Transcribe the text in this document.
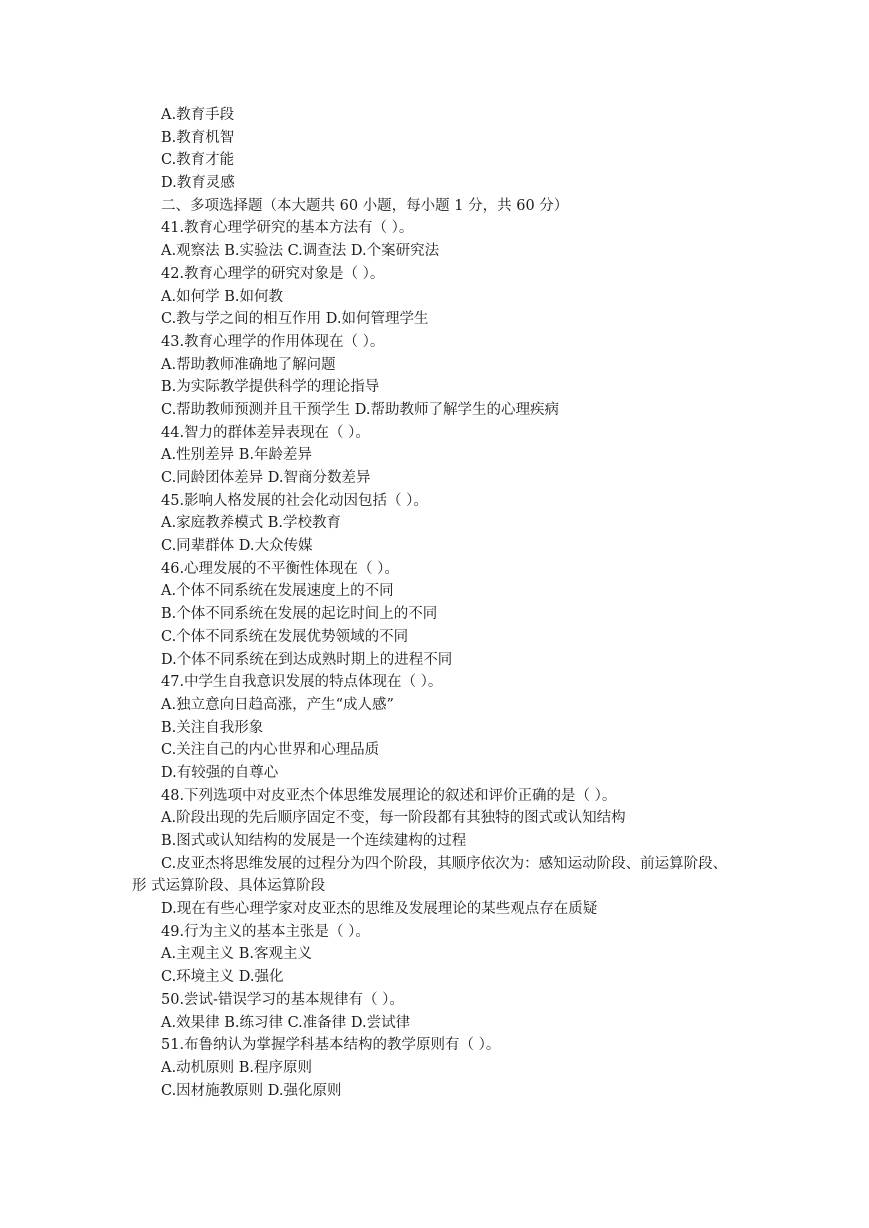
A.教育手段
B.教育机智
C.教育才能
D.教育灵感
二、多项选择题（本大题共 60 小题，每小题 1 分，共 60 分）
41.教育心理学研究的基本方法有（ ）。
A.观察法 B.实验法 C.调查法 D.个案研究法
42.教育心理学的研究对象是（ ）。
A.如何学 B.如何教
C.教与学之间的相互作用 D.如何管理学生
43.教育心理学的作用体现在（ ）。
A.帮助教师准确地了解问题
B.为实际教学提供科学的理论指导
C.帮助教师预测并且干预学生 D.帮助教师了解学生的心理疾病
44.智力的群体差异表现在（ ）。
A.性别差异 B.年龄差异
C.同龄团体差异 D.智商分数差异
45.影响人格发展的社会化动因包括（ ）。
A.家庭教养模式 B.学校教育
C.同辈群体 D.大众传媒
46.心理发展的不平衡性体现在（ ）。
A.个体不同系统在发展速度上的不同
B.个体不同系统在发展的起讫时间上的不同
C.个体不同系统在发展优势领域的不同
D.个体不同系统在到达成熟时期上的进程不同
47.中学生自我意识发展的特点体现在（ ）。
A.独立意向日趋高涨，产生“成人感”
B.关注自我形象
C.关注自己的内心世界和心理品质
D.有较强的自尊心
48.下列选项中对皮亚杰个体思维发展理论的叙述和评价正确的是（ ）。
A.阶段出现的先后顺序固定不变，每一阶段都有其独特的图式或认知结构
B.图式或认知结构的发展是一个连续建构的过程
C.皮亚杰将思维发展的过程分为四个阶段，其顺序依次为：感知运动阶段、前运算阶段、
形 式运算阶段、具体运算阶段
D.现在有些心理学家对皮亚杰的思维及发展理论的某些观点存在质疑
49.行为主义的基本主张是（ ）。
A.主观主义 B.客观主义
C.环境主义 D.强化
50.尝试-错误学习的基本规律有（ ）。
A.效果律 B.练习律 C.准备律 D.尝试律
51.布鲁纳认为掌握学科基本结构的教学原则有（ ）。
A.动机原则 B.程序原则
C.因材施教原则 D.强化原则
